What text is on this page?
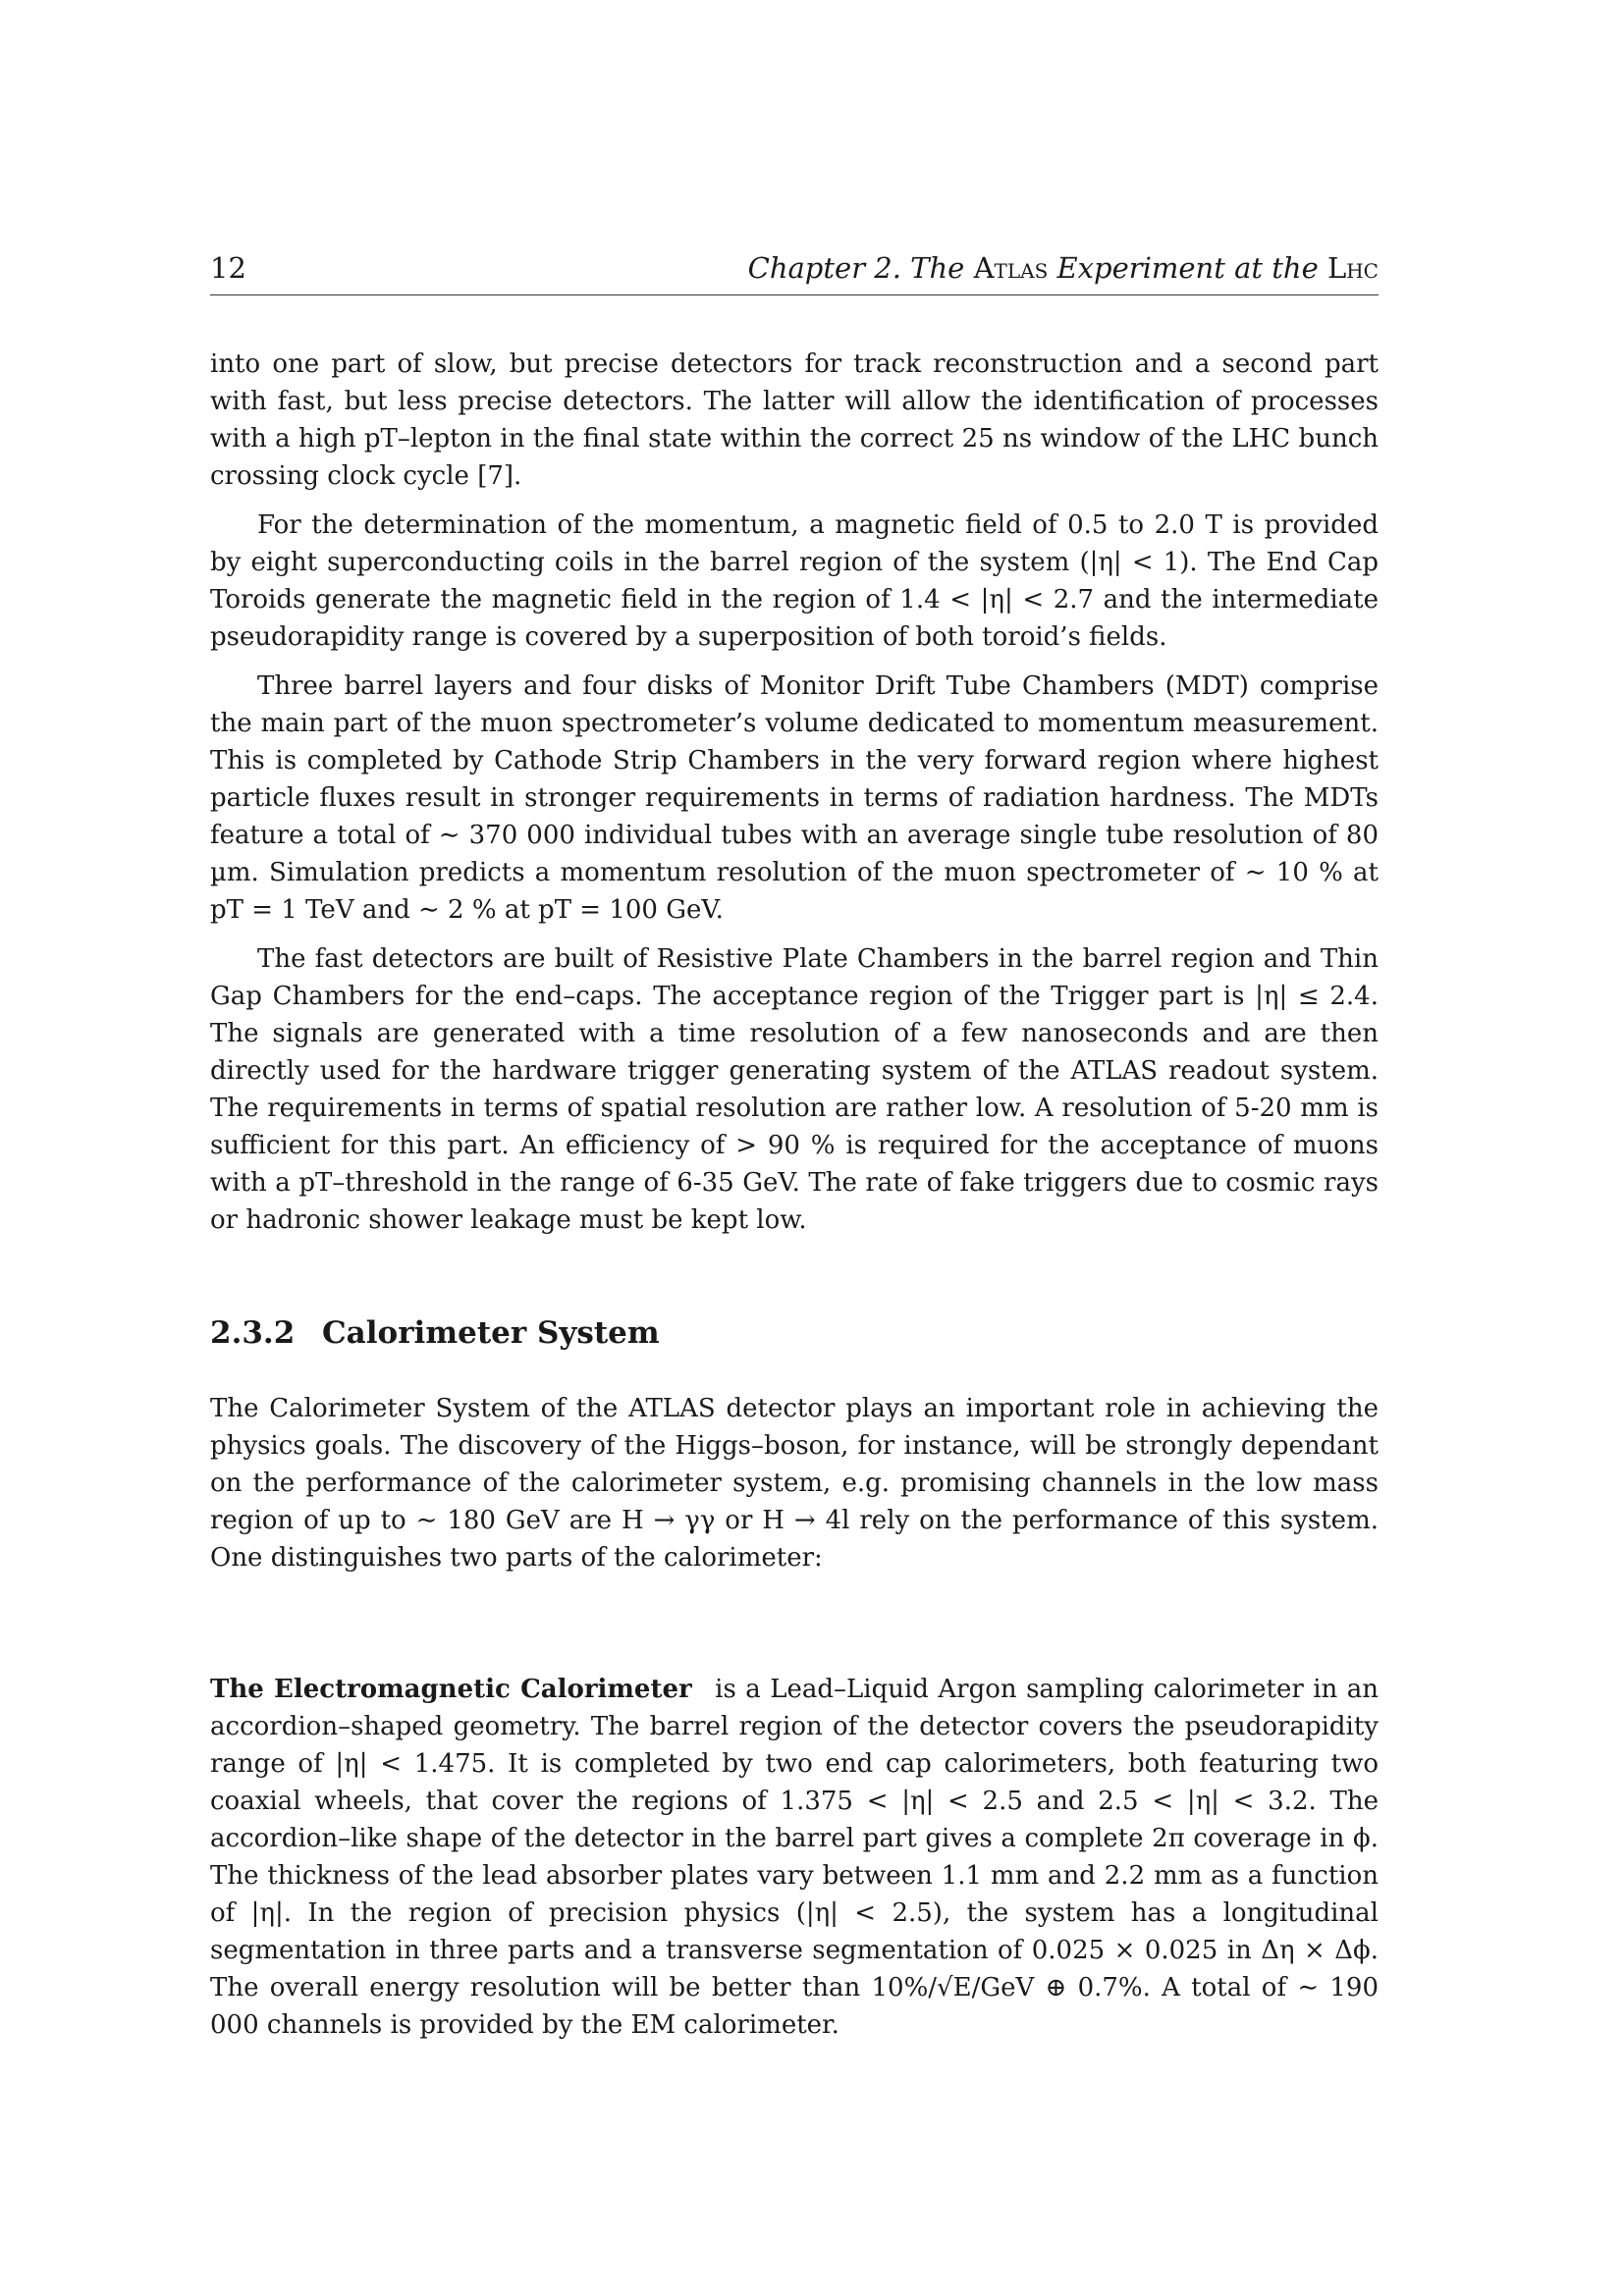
12	Chapter 2. The Atlas Experiment at the Lhc

into one part of slow, but precise detectors for track reconstruction and a second part with fast, but less precise detectors. The latter will allow the identification of processes with a high pT–lepton in the final state within the correct 25 ns window of the LHC bunch crossing clock cycle [7].

For the determination of the momentum, a magnetic field of 0.5 to 2.0 T is provided by eight superconducting coils in the barrel region of the system (|η| < 1). The End Cap Toroids generate the magnetic field in the region of 1.4 < |η| < 2.7 and the intermediate pseudorapidity range is covered by a superposition of both toroid’s fields.

Three barrel layers and four disks of Monitor Drift Tube Chambers (MDT) comprise the main part of the muon spectrometer’s volume dedicated to momentum measurement. This is completed by Cathode Strip Chambers in the very forward region where highest particle fluxes result in stronger requirements in terms of radiation hardness. The MDTs feature a total of ∼ 370 000 individual tubes with an average single tube resolution of 80 µm. Simulation predicts a momentum resolution of the muon spectrometer of ∼ 10 % at pT = 1 TeV and ∼ 2 % at pT = 100 GeV.

The fast detectors are built of Resistive Plate Chambers in the barrel region and Thin Gap Chambers for the end–caps. The acceptance region of the Trigger part is |η| ≤ 2.4. The signals are generated with a time resolution of a few nanoseconds and are then directly used for the hardware trigger generating system of the ATLAS readout system. The requirements in terms of spatial resolution are rather low. A resolution of 5-20 mm is sufficient for this part. An efficiency of > 90 % is required for the acceptance of muons with a pT–threshold in the range of 6-35 GeV. The rate of fake triggers due to cosmic rays or hadronic shower leakage must be kept low.

2.3.2 Calorimeter System

The Calorimeter System of the ATLAS detector plays an important role in achieving the physics goals. The discovery of the Higgs–boson, for instance, will be strongly dependant on the performance of the calorimeter system, e.g. promising channels in the low mass region of up to ∼ 180 GeV are H → γγ or H → 4l rely on the performance of this system. One distinguishes two parts of the calorimeter:

The Electromagnetic Calorimeter is a Lead–Liquid Argon sampling calorimeter in an accordion–shaped geometry. The barrel region of the detector covers the pseudorapidity range of |η| < 1.475. It is completed by two end cap calorimeters, both featuring two coaxial wheels, that cover the regions of 1.375 < |η| < 2.5 and 2.5 < |η| < 3.2. The accordion–like shape of the detector in the barrel part gives a complete 2π coverage in ϕ. The thickness of the lead absorber plates vary between 1.1 mm and 2.2 mm as a function of |η|. In the region of precision physics (|η| < 2.5), the system has a longitudinal segmentation in three parts and a transverse segmentation of 0.025 × 0.025 in Δη × Δϕ. The overall energy resolution will be better than 10%/√E/GeV ⊕ 0.7%. A total of ∼ 190 000 channels is provided by the EM calorimeter.
